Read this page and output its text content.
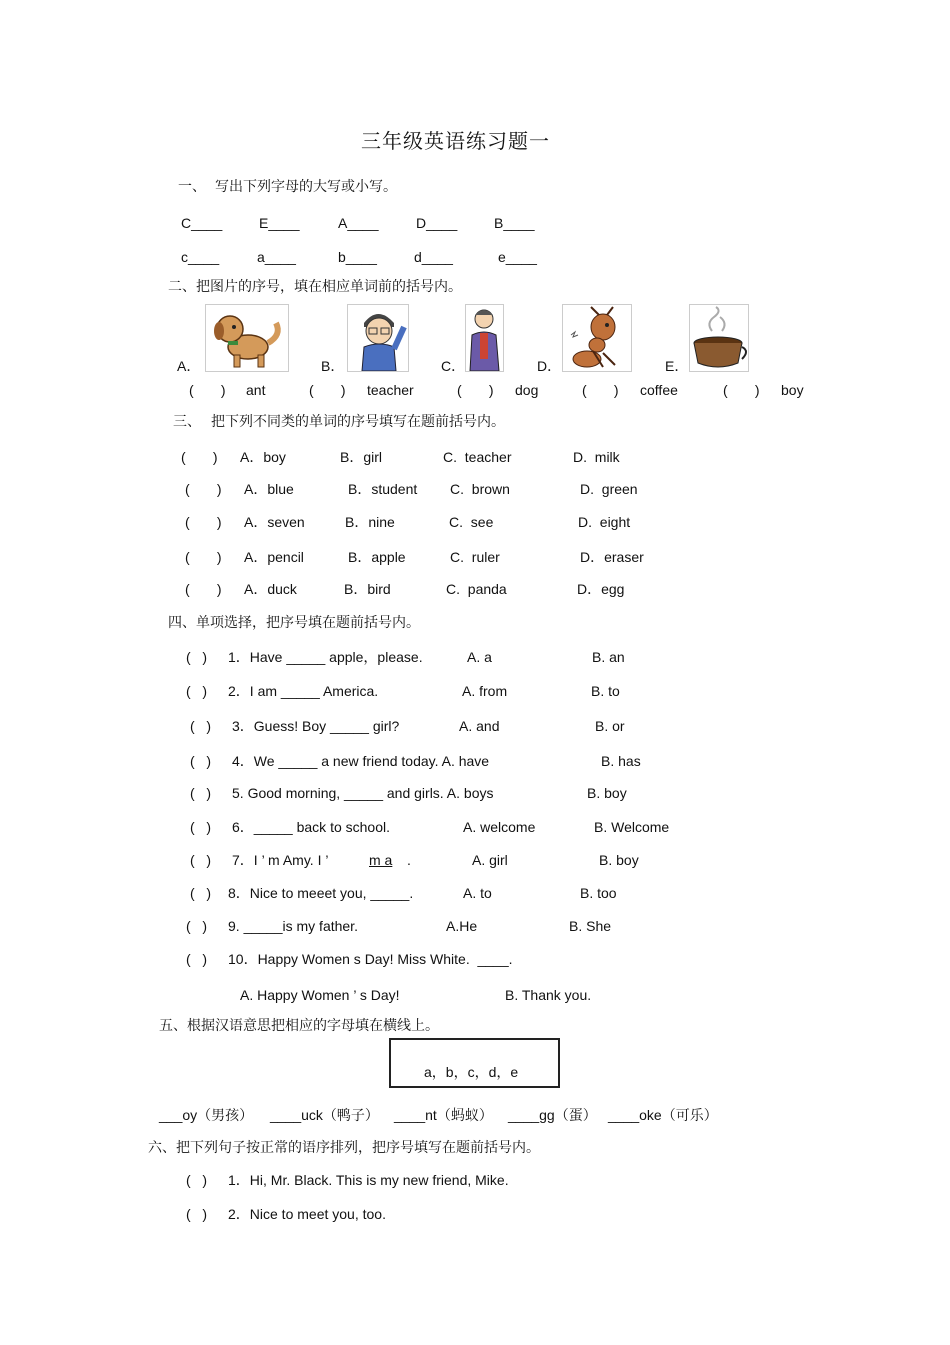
三年级英语练习题一
一、 写出下列字母的大写或小写。
C____	E____	A____	D____	B____
c____	a____	b____	d____	e____
二、把图片的序号，填在相应单词前的括号内。
A．	B．	C．	D．	E．
(       ) ant	(       ) teacher	(       ) dog	(       ) coffee	(       ) boy
三、 把下列不同类的单词的序号填写在题前括号内。
(       ) A．boy	B．girl	C.  teacher	D.  milk
(       ) A．blue	B．student C.  brown	D.  green
(       ) A．seven	B．nine	C.  see	D.  eight
(       ) A．pencil	B．apple	C.  ruler	D．eraser
(       ) A．duck	B．bird	C.  panda	D．egg
四、单项选择，把序号填在题前括号内。
(   ) 1．Have _____ apple，please.	A. a	B. an
(   ) 2．I am _____ America.	A. from	B. to
(   ) 3．Guess! Boy _____ girl?	A. and	B. or
(   ) 4．We _____ a new friend today. A. have	B. has
(   ) 5. Good morning, _____ and girls. A. boys	B. boy
(   ) 6．_____ back to school.	A. welcome	B. Welcome
(   ) 7．I ’ m Amy. I ’	m a .	A. girl	B. boy
(   ) 8．Nice to meeet you, _____.	A. to	B. too
(   ) 9. _____is my father.	A.He	B. She
(   ) 10．Happy Women s Day! Miss White.  ____.
A. Happy Women ’ s Day!	B. Thank you.
五、根据汉语意思把相应的字母填在横线上。
a，b，c，d，e
___oy（男孩） ____uck（鸭子） ____nt（蚂蚁） ____gg（蛋） ____oke（可乐）
六、把下列句子按正常的语序排列，把序号填写在题前括号内。
(   ) 1．Hi, Mr. Black. This is my new friend, Mike.
(   ) 2．Nice to meet you, too.
